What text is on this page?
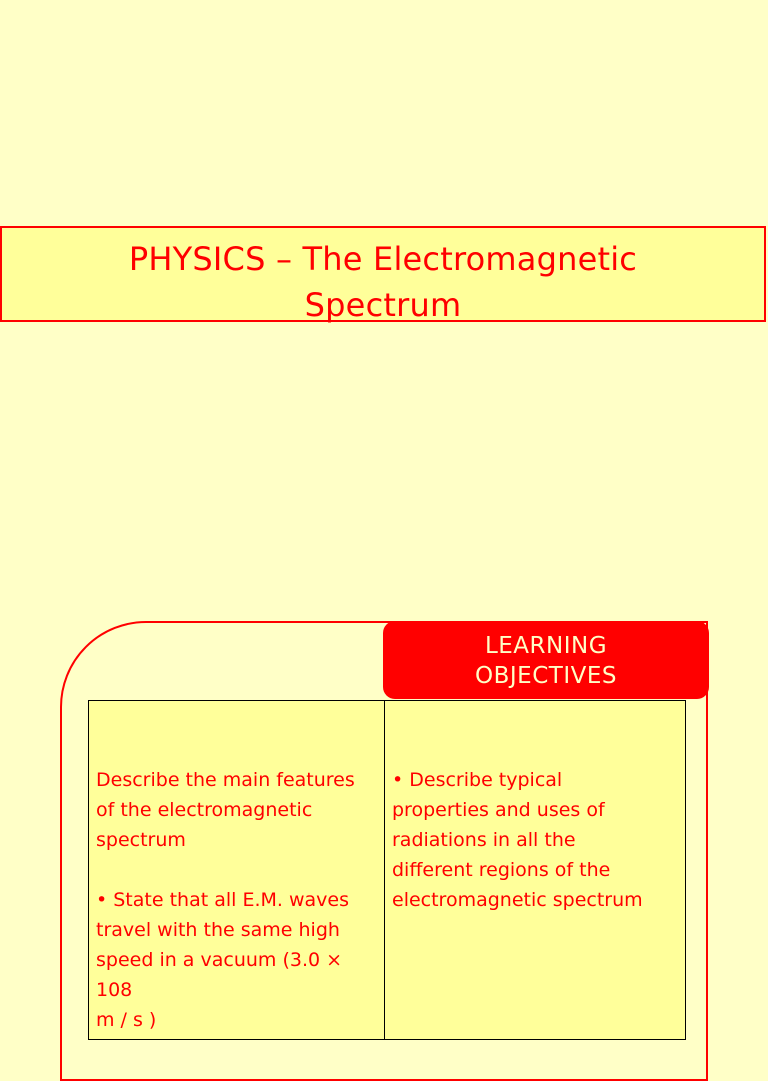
PHYSICS – The Electromagnetic
Spectrum
LEARNING
OBJECTIVES
Describe the main features
of the electromagnetic
spectrum

• State that all E.M. waves
travel with the same high
speed in a vacuum (3.0 × 108
m / s )
• Describe typical
properties and uses of
radiations in all the
different regions of the
electromagnetic spectrum
